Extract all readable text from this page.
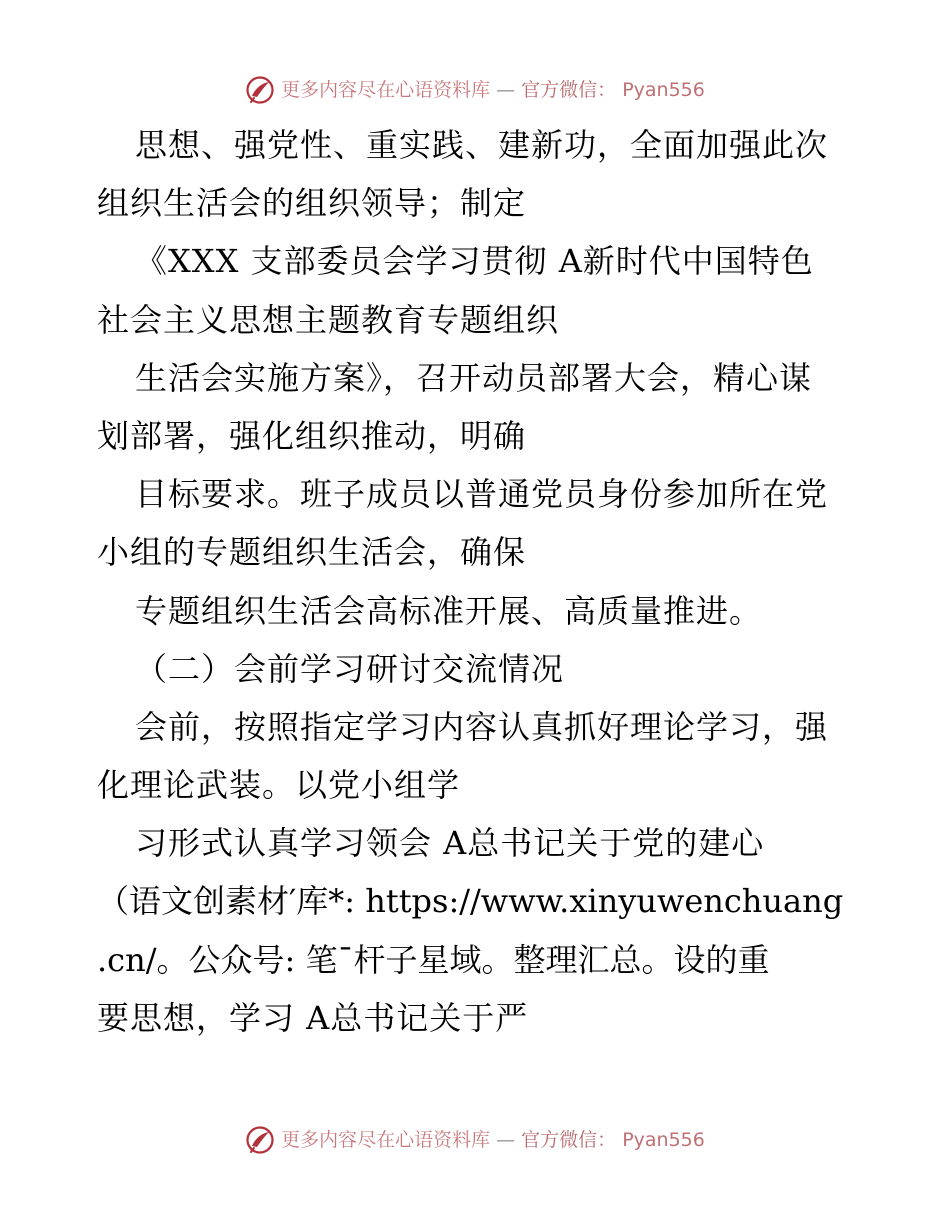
更多内容尽在心语资料库 — 官方微信： Pyan556
思想、强党性、重实践、建新功，全面加强此次
组织生活会的组织领导；制定
《XXX 支部委员会学习贯彻 A新时代中国特色
社会主义思想主题教育专题组织
生活会实施方案》，召开动员部署大会，精心谋
划部署，强化组织推动，明确
目标要求。班子成员以普通党员身份参加所在党
小组的专题组织生活会，确保
专题组织生活会高标准开展、高质量推进。
（二）会前学习研讨交流情况
会前，按照指定学习内容认真抓好理论学习，强
化理论武装。以党小组学
习形式认真学习领会 A总书记关于党的建心
（语文创素材′库*: https://www.xinyuwenchuang
.cn/。公众号: 笔¯杆子星域。整理汇总。设的重
要思想，学习 A总书记关于严
更多内容尽在心语资料库 — 官方微信： Pyan556
